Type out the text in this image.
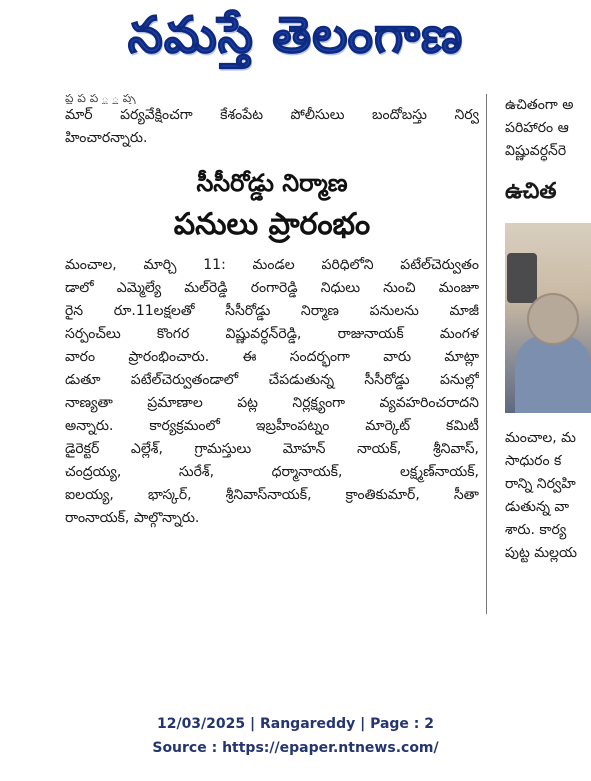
నమస్తే తెలంగాణ
ప్ల ప ప ్జ ్ల ప్ప
మార్ పర్యవేక్షించగా కేశంపేట పోలీసులు బందోబస్తు నిర్వ
హించారన్నారు.
సీసీరోడ్డు నిర్మాణ
పనులు ప్రారంభం
మంచాల, మార్చి 11: మండల పరిధిలోని పటేల్‌చెర్వుతం
డాలో ఎమ్మెల్యే మల్‌రెడ్డి రంగారెడ్డి నిధులు నుంచి మంజూ
రైన రూ.11లక్షలతో సీసీరోడ్డు నిర్మాణ పనులను మాజీ
సర్పంచ్‌లు కొంగర విష్ణువర్ధన్‌రెడ్డి, రాజునాయక్ మంగళ
వారం ప్రారంభించారు. ఈ సందర్భంగా వారు మాట్లా
డుతూ పటేల్‌చెర్వుతండాలో చేపడుతున్న సీసీరోడ్డు పనుల్లో
నాణ్యతా ప్రమాణాల పట్ల నిర్లక్ష్యంగా వ్యవహరించరాదని
అన్నారు. కార్యక్రమంలో ఇబ్రహీంపట్నం మార్కెట్ కమిటీ
డైరెక్టర్ ఎల్లేశ్, గ్రామస్తులు మోహన్ నాయక్, శ్రీనివాస్,
చంద్రయ్య, సురేశ్, ధర్మానాయక్, లక్ష్మణ్‌నాయక్,
ఐలయ్య, భాస్కర్, శ్రీనివాస్‌నాయక్, క్రాంతికుమార్, సీతా
రాంనాయక్, పాల్గొన్నారు.
ఉచితంగా అ
పరిహారం ఆ
విష్ణువర్ధన్‌రె
ఉచిత
మంచాల, మ
సాధురం క
రాన్ని నిర్వహి
డుతున్న వా
శారు. కార్య
పుట్ట మల్లయ
12/03/2025 | Rangareddy | Page : 2
Source : https://epaper.ntnews.com/
